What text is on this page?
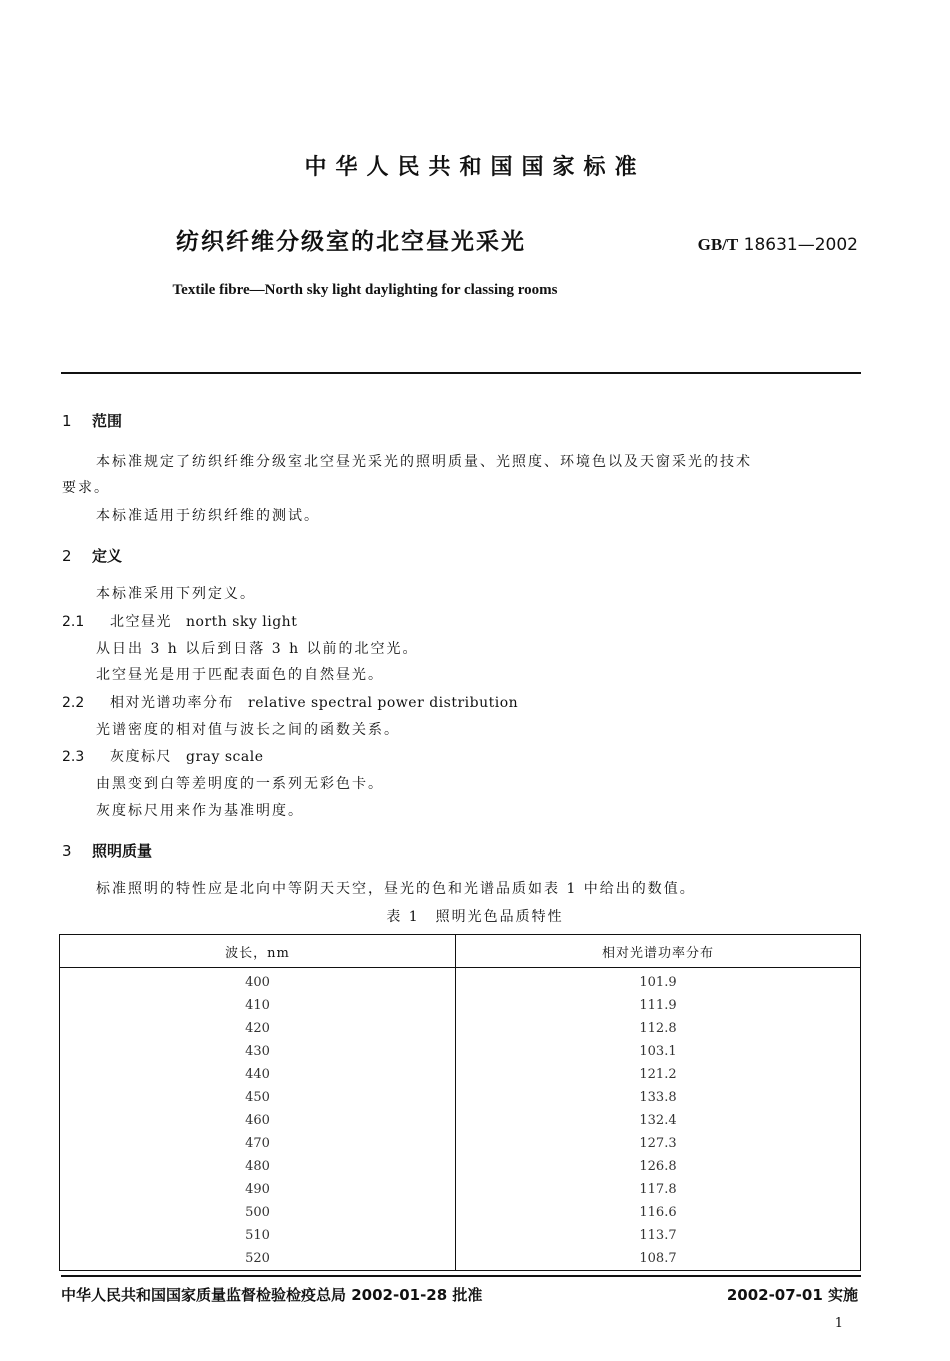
中华人民共和国国家标准
纺织纤维分级室的北空昼光采光	GB/T 18631—2002
Textile fibre—North sky light daylighting for classing rooms
1 范围
本标准规定了纺织纤维分级室北空昼光采光的照明质量、光照度、环境色以及天窗采光的技术
要求。
本标准适用于纺织纤维的测试。
2 定义
本标准采用下列定义。
2.1 北空昼光 north sky light
从日出 3 h 以后到日落 3 h 以前的北空光。
北空昼光是用于匹配表面色的自然昼光。
2.2 相对光谱功率分布 relative spectral power distribution
光谱密度的相对值与波长之间的函数关系。
2.3 灰度标尺 gray scale
由黑变到白等差明度的一系列无彩色卡。
灰度标尺用来作为基准明度。
3 照明质量
标准照明的特性应是北向中等阴天天空，昼光的色和光谱品质如表 1 中给出的数值。
表 1　照明光色品质特性
波长，nm	相对光谱功率分布
400	101.9
410	111.9
420	112.8
430	103.1
440	121.2
450	133.8
460	132.4
470	127.3
480	126.8
490	117.8
500	116.6
510	113.7
520	108.7
中华人民共和国国家质量监督检验检疫总局 2002-01-28 批准	2002-07-01 实施
1
